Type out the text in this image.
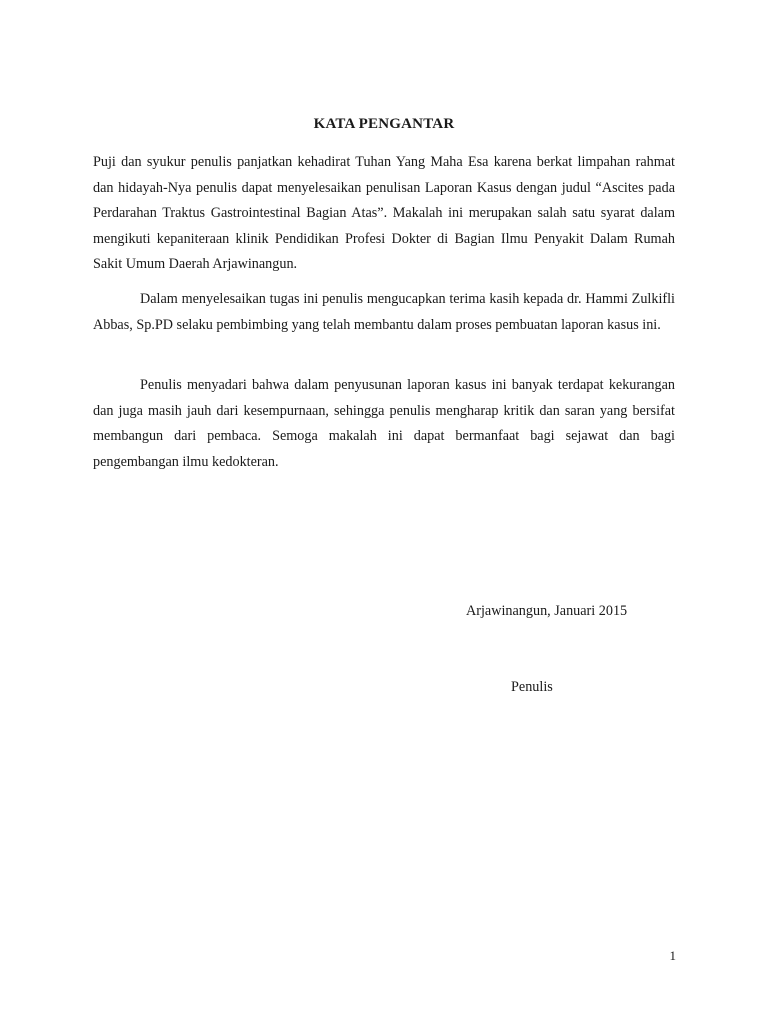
KATA PENGANTAR

Puji dan syukur penulis panjatkan kehadirat Tuhan Yang Maha Esa karena berkat limpahan rahmat dan hidayah-Nya penulis dapat menyelesaikan penulisan Laporan Kasus dengan judul “Ascites pada Perdarahan Traktus Gastrointestinal Bagian Atas”. Makalah ini merupakan salah satu syarat dalam mengikuti kepaniteraan klinik Pendidikan Profesi Dokter di Bagian Ilmu Penyakit Dalam Rumah Sakit Umum Daerah Arjawinangun.

Dalam menyelesaikan tugas ini penulis mengucapkan terima kasih kepada dr. Hammi Zulkifli Abbas, Sp.PD selaku pembimbing yang telah membantu dalam proses pembuatan laporan kasus ini.

Penulis menyadari bahwa dalam penyusunan laporan kasus ini banyak terdapat kekurangan dan juga masih jauh dari kesempurnaan, sehingga penulis mengharap kritik dan saran yang bersifat membangun dari pembaca. Semoga makalah ini dapat bermanfaat bagi sejawat dan bagi pengembangan ilmu kedokteran.

Arjawinangun, Januari 2015
Penulis
1
